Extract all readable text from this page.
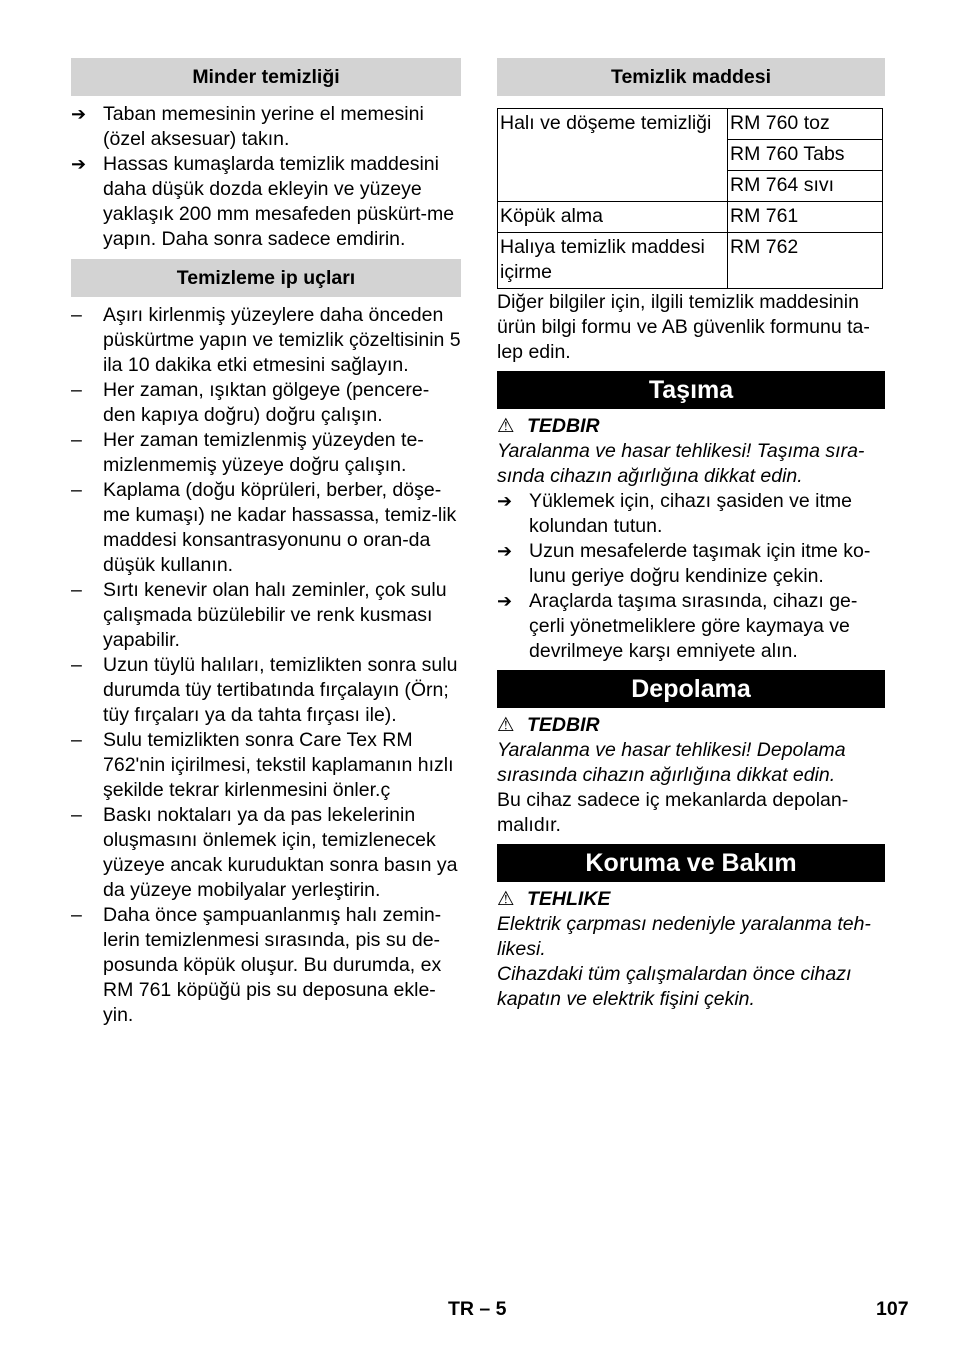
Minder temizliği
➔ Taban memesinin yerine el memesini (özel aksesuar) takın.
➔ Hassas kumaşlarda temizlik maddesini daha düşük dozda ekleyin ve yüzeye yaklaşık 200 mm mesafeden püskürt-me yapın. Daha sonra sadece emdirin.
Temizleme ip uçları
–	Aşırı kirlenmiş yüzeylere daha önceden püskürtme yapın ve temizlik çözeltisinin 5 ila 10 dakika etki etmesini sağlayın.
–	Her zaman, ışıktan gölgeye (pencere-den kapıya doğru) doğru çalışın.
–	Her zaman temizlenmiş yüzeyden te-mizlenmemiş yüzeye doğru çalışın.
–	Kaplama (doğu köprüleri, berber, döşe-me kumaşı) ne kadar hassassa, temiz-lik maddesi konsantrasyonunu o oran-da düşük kullanın.
–	Sırtı kenevir olan halı zeminler, çok sulu çalışmada büzülebilir ve renk kusması yapabilir.
–	Uzun tüylü halıları, temizlikten sonra sulu durumda tüy tertibatında fırçalayın (Örn; tüy fırçaları ya da tahta fırçası ile).
–	Sulu temizlikten sonra Care Tex RM 762'nin içirilmesi, tekstil kaplamanın hızlı şekilde tekrar kirlenmesini önler.ç
–	Baskı noktaları ya da pas lekelerinin oluşmasını önlemek için, temizlenecek yüzeye ancak kuruduktan sonra basın ya da yüzeye mobilyalar yerleştirin.
–	Daha önce şampuanlanmış halı zemin-lerin temizlenmesi sırasında, pis su de-posunda köpük oluşur. Bu durumda, ex RM 761 köpüğü pis su deposuna ekle-yin.
Temizlik maddesi
Halı ve döşeme temizliği	RM 760 toz
	RM 760 Tabs
	RM 764 sıvı
Köpük alma	RM 761
Halıya temizlik maddesi içirme	RM 762

Diğer bilgiler için, ilgili temizlik maddesinin ürün bilgi formu ve AB güvenlik formunu ta-lep edin.

Taşıma

⚠ TEDBIR

Yaralanma ve hasar tehlikesi! Taşıma sıra-sında cihazın ağırlığına dikkat edin.

➔ Yüklemek için, cihazı şasiden ve itme kolundan tutun.
➔ Uzun mesafelerde taşımak için itme ko-lunu geriye doğru kendinize çekin.
➔ Araçlarda taşıma sırasında, cihazı ge-çerli yönetmeliklere göre kaymaya ve devrilmeye karşı emniyete alın.
Depolama

⚠ TEDBIR

Yaralanma ve hasar tehlikesi! Depolama sırasında cihazın ağırlığına dikkat edin.

Bu cihaz sadece iç mekanlarda depolan-malıdır.

Koruma ve Bakım

⚠ TEHLIKE

Elektrik çarpması nedeniyle yaralanma teh-likesi.

Cihazdaki tüm çalışmalardan önce cihazı kapatın ve elektrik fişini çekin.

TR – 5	107
